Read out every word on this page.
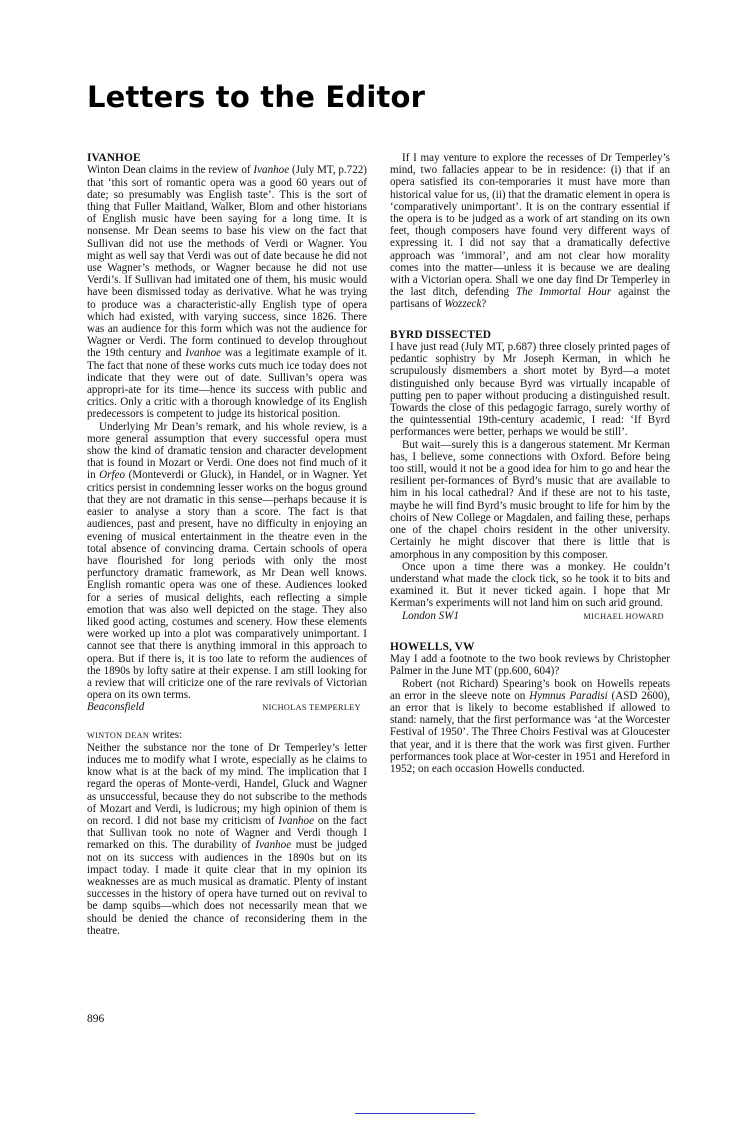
Letters to the Editor

IVANHOE

Winton Dean claims in the review of Ivanhoe (July MT, p.722) that ‘this sort of romantic opera was a good 60 years out of date; so presumably was English taste’. This is the sort of thing that Fuller Maitland, Walker, Blom and other historians of English music have been saying for a long time. It is nonsense. Mr Dean seems to base his view on the fact that Sullivan did not use the methods of Verdi or Wagner. You might as well say that Verdi was out of date because he did not use Wagner’s methods, or Wagner because he did not use Verdi’s. If Sullivan had imitated one of them, his music would have been dismissed today as derivative. What he was trying to produce was a characteristic-ally English type of opera which had existed, with varying success, since 1826. There was an audience for this form which was not the audience for Wagner or Verdi. The form continued to develop throughout the 19th century and Ivanhoe was a legitimate example of it. The fact that none of these works cuts much ice today does not indicate that they were out of date. Sullivan’s opera was appropri-ate for its time—hence its success with public and critics. Only a critic with a thorough knowledge of its English predecessors is competent to judge its historical position.

Underlying Mr Dean’s remark, and his whole review, is a more general assumption that every successful opera must show the kind of dramatic tension and character development that is found in Mozart or Verdi. One does not find much of it in Orfeo (Monteverdi or Gluck), in Handel, or in Wagner. Yet critics persist in condemning lesser works on the bogus ground that they are not dramatic in this sense—perhaps because it is easier to analyse a story than a score. The fact is that audiences, past and present, have no difficulty in enjoying an evening of musical entertainment in the theatre even in the total absence of convincing drama. Certain schools of opera have flourished for long periods with only the most perfunctory dramatic framework, as Mr Dean well knows. English romantic opera was one of these. Audiences looked for a series of musical delights, each reflecting a simple emotion that was also well depicted on the stage. They also liked good acting, costumes and scenery. How these elements were worked up into a plot was comparatively unimportant. I cannot see that there is anything immoral in this approach to opera. But if there is, it is too late to reform the audiences of the 1890s by lofty satire at their expense. I am still looking for a review that will criticize one of the rare revivals of Victorian opera on its own terms.

Beaconsfield	NICHOLAS TEMPERLEY

WINTON DEAN writes:

Neither the substance nor the tone of Dr Temperley’s letter induces me to modify what I wrote, especially as he claims to know what is at the back of my mind. The implication that I regard the operas of Monte-verdi, Handel, Gluck and Wagner as unsuccessful, because they do not subscribe to the methods of Mozart and Verdi, is ludicrous; my high opinion of them is on record. I did not base my criticism of Ivanhoe on the fact that Sullivan took no note of Wagner and Verdi though I remarked on this. The durability of Ivanhoe must be judged not on its success with audiences in the 1890s but on its impact today. I made it quite clear that in my opinion its weaknesses are as much musical as dramatic. Plenty of instant successes in the history of opera have turned out on revival to be damp squibs—which does not necessarily mean that we should be denied the chance of reconsidering them in the theatre.

896

If I may venture to explore the recesses of Dr Temperley’s mind, two fallacies appear to be in residence: (i) that if an opera satisfied its con-temporaries it must have more than historical value for us, (ii) that the dramatic element in opera is ‘comparatively unimportant’. It is on the contrary essential if the opera is to be judged as a work of art standing on its own feet, though composers have found very different ways of expressing it. I did not say that a dramatically defective approach was ‘immoral’, and am not clear how morality comes into the matter—unless it is because we are dealing with a Victorian opera. Shall we one day find Dr Temperley in the last ditch, defending The Immortal Hour against the partisans of Wozzeck?

BYRD DISSECTED

I have just read (July MT, p.687) three closely printed pages of pedantic sophistry by Mr Joseph Kerman, in which he scrupulously dismembers a short motet by Byrd—a motet distinguished only because Byrd was virtually incapable of putting pen to paper without producing a distinguished result. Towards the close of this pedagogic farrago, surely worthy of the quintessential 19th-century academic, I read: ‘If Byrd performances were better, perhaps we would be still’.

But wait—surely this is a dangerous statement. Mr Kerman has, I believe, some connections with Oxford. Before being too still, would it not be a good idea for him to go and hear the resilient per-formances of Byrd’s music that are available to him in his local cathedral? And if these are not to his taste, maybe he will find Byrd’s music brought to life for him by the choirs of New College or Magdalen, and failing these, perhaps one of the chapel choirs resident in the other university. Certainly he might discover that there is little that is amorphous in any composition by this composer.

Once upon a time there was a monkey. He couldn’t understand what made the clock tick, so he took it to bits and examined it. But it never ticked again. I hope that Mr Kerman’s experiments will not land him on such arid ground.

London SW1	MICHAEL HOWARD

HOWELLS, VW

May I add a footnote to the two book reviews by Christopher Palmer in the June MT (pp.600, 604)?

Robert (not Richard) Spearing’s book on Howells repeats an error in the sleeve note on Hymnus Paradisi (ASD 2600), an error that is likely to become established if allowed to stand: namely, that the first performance was ‘at the Worcester Festival of 1950’. The Three Choirs Festival was at Gloucester that year, and it is there that the work was first given. Further performances took place at Wor-cester in 1951 and Hereford in 1952; on each occasion Howells conducted.
